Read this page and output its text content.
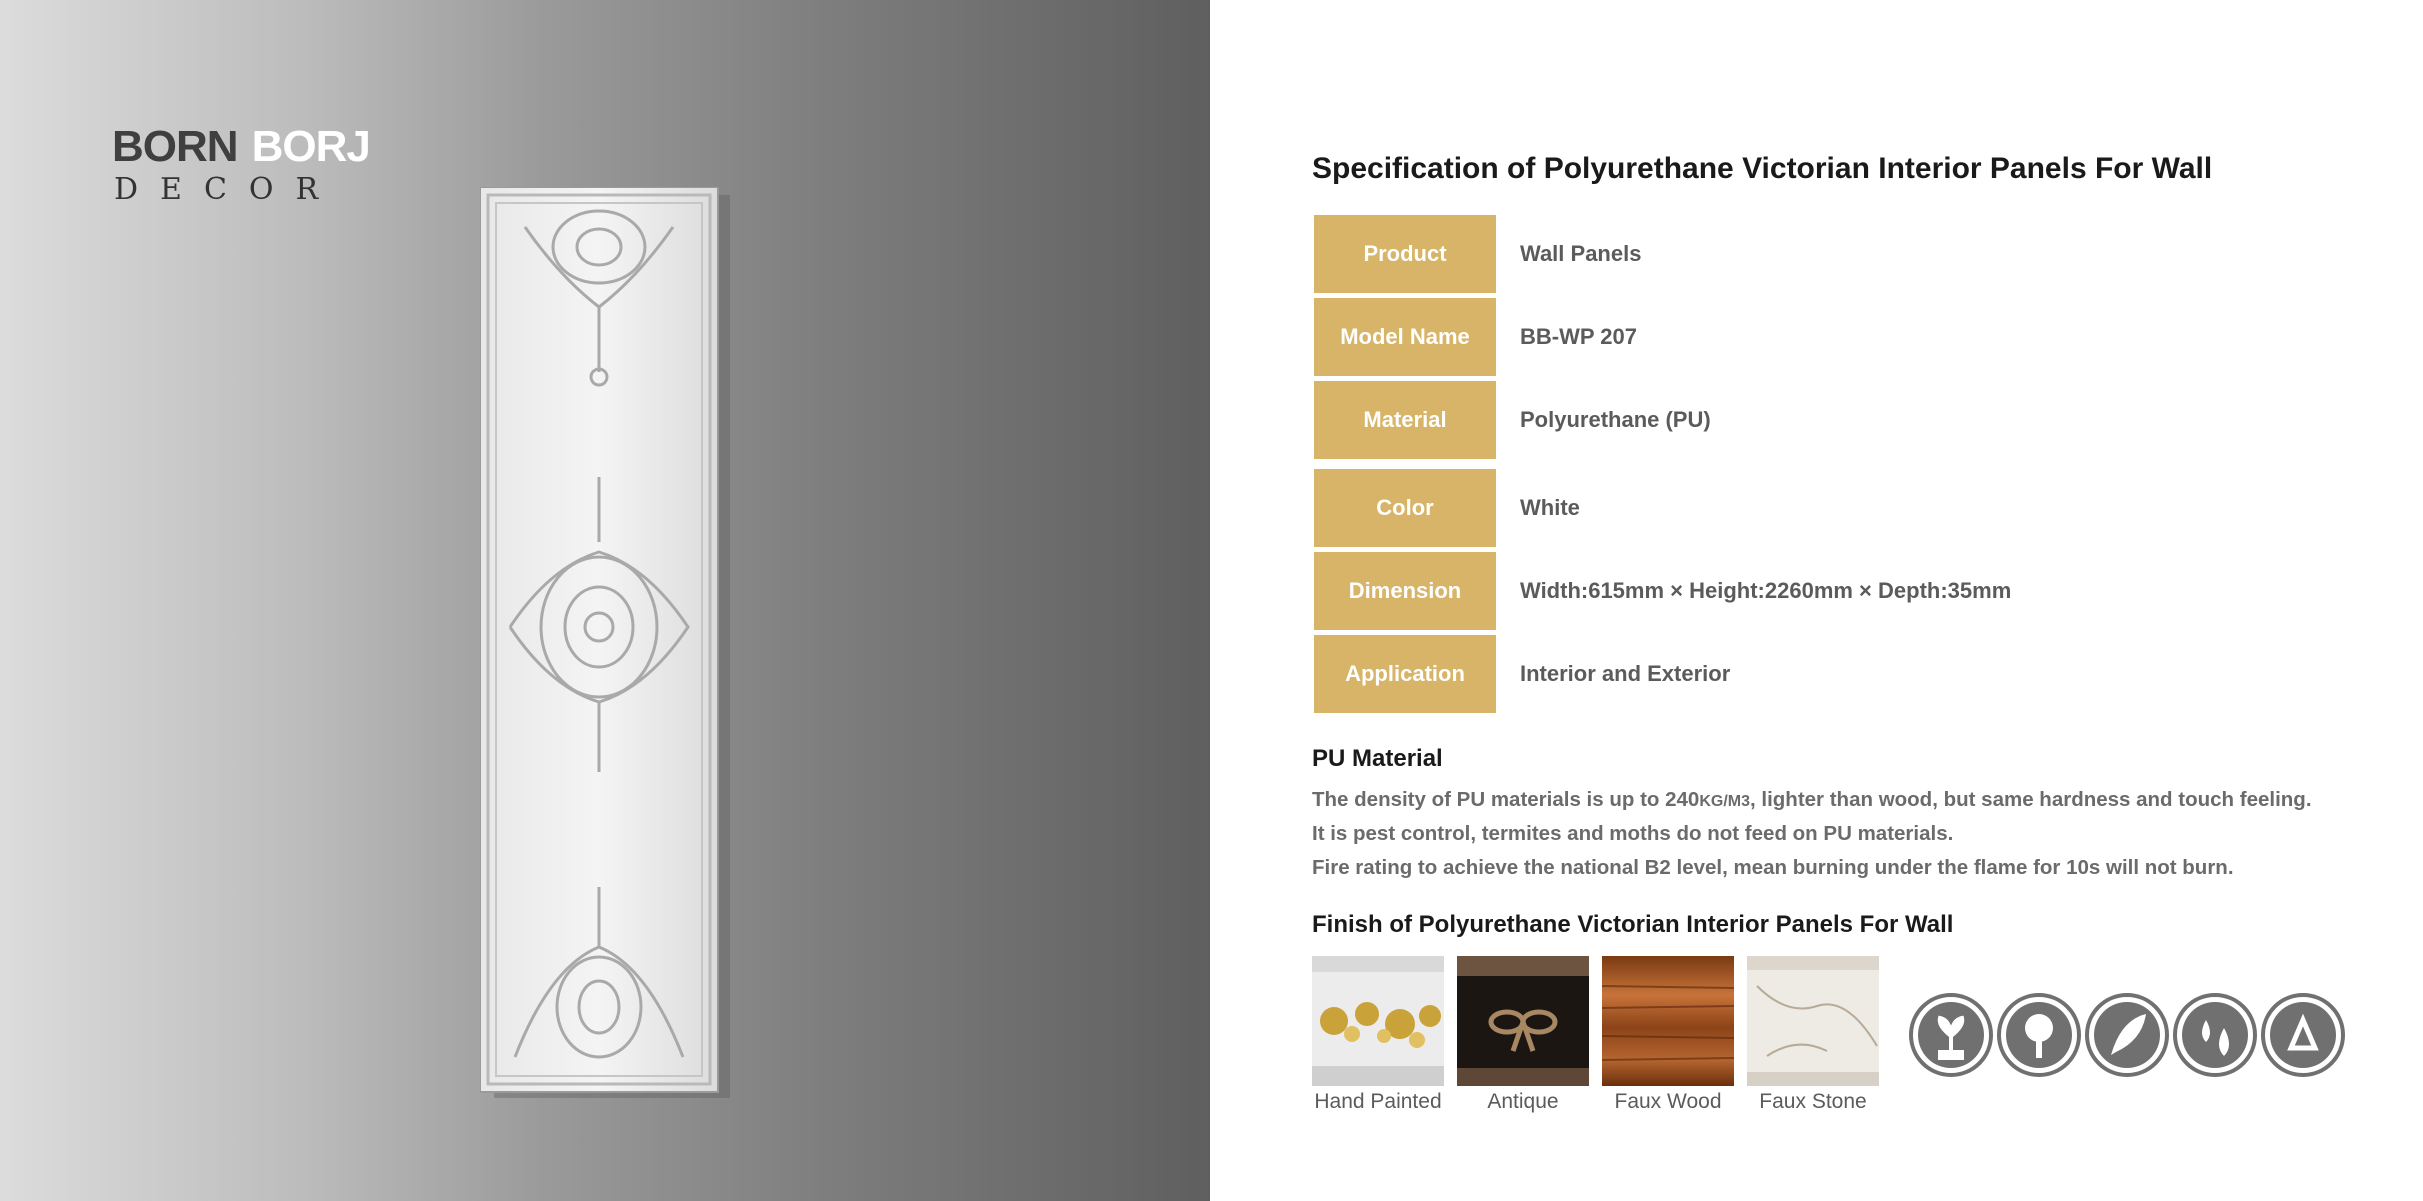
BORN BORJ
DECOR
Specification of Polyurethane Victorian Interior Panels For Wall
Product	Wall Panels
Model Name	BB-WP 207
Material	Polyurethane (PU)
Color	White
Dimension	Width:615mm × Height:2260mm × Depth:35mm
Application	Interior and Exterior
PU Material
The density of PU materials is up to 240KG/M3, lighter than wood, but same hardness and touch feeling.
It is pest control, termites and moths do not feed on PU materials.
Fire rating to achieve the national B2 level, mean burning under the flame for 10s will not burn.
Finish of Polyurethane Victorian Interior Panels For Wall
Hand Painted	Antique	Faux Wood	Faux Stone
